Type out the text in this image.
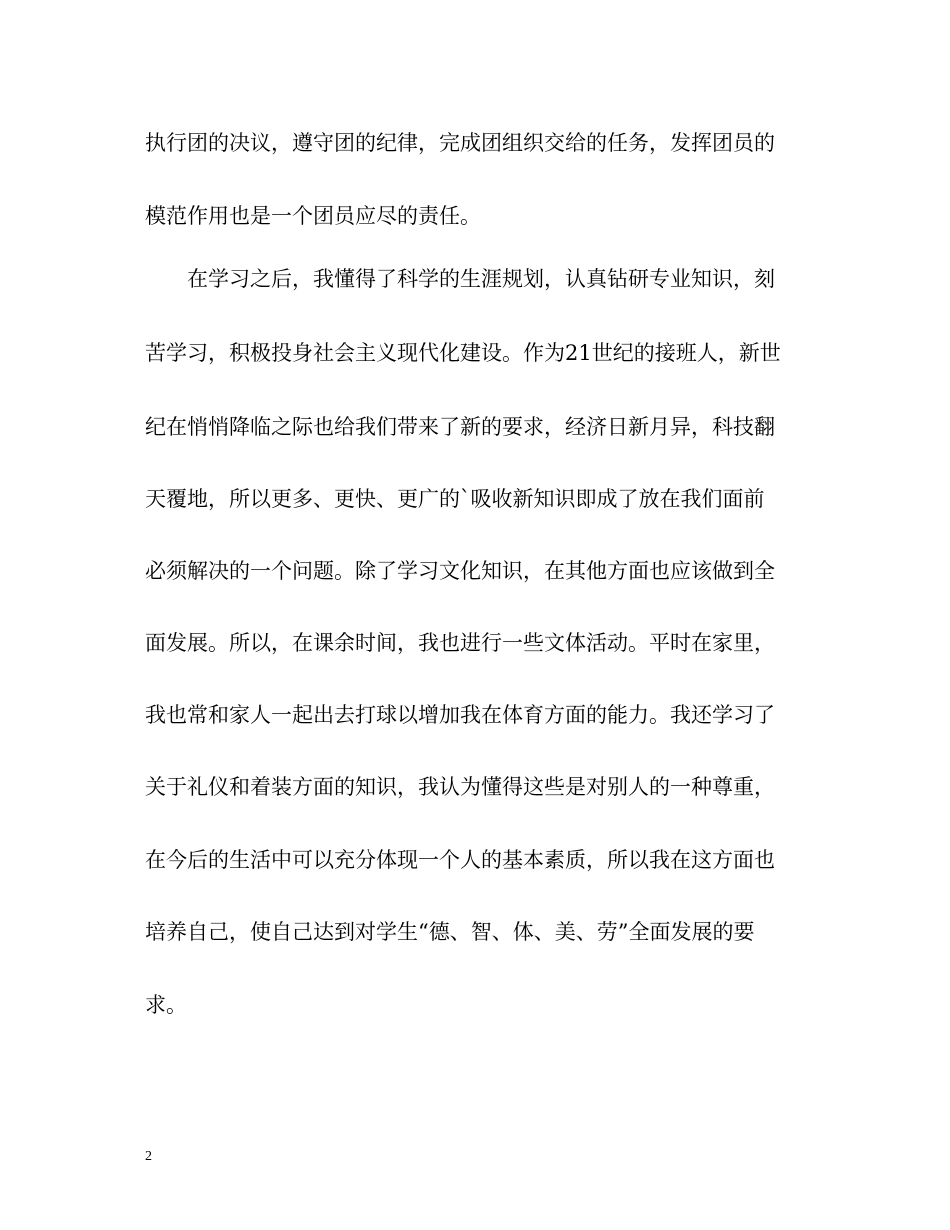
执行团的决议，遵守团的纪律，完成团组织交给的任务，发挥团员的
模范作用也是一个团员应尽的责任。
在学习之后，我懂得了科学的生涯规划，认真钻研专业知识，刻
苦学习，积极投身社会主义现代化建设。作为21世纪的接班人，新世
纪在悄悄降临之际也给我们带来了新的要求，经济日新月异，科技翻
天覆地，所以更多、更快、更广的`吸收新知识即成了放在我们面前
必须解决的一个问题。除了学习文化知识，在其他方面也应该做到全
面发展。所以，在课余时间，我也进行一些文体活动。平时在家里，
我也常和家人一起出去打球以增加我在体育方面的能力。我还学习了
关于礼仪和着装方面的知识，我认为懂得这些是对别人的一种尊重，
在今后的生活中可以充分体现一个人的基本素质，所以我在这方面也
培养自己，使自己达到对学生“德、智、体、美、劳”全面发展的要
求。
2
